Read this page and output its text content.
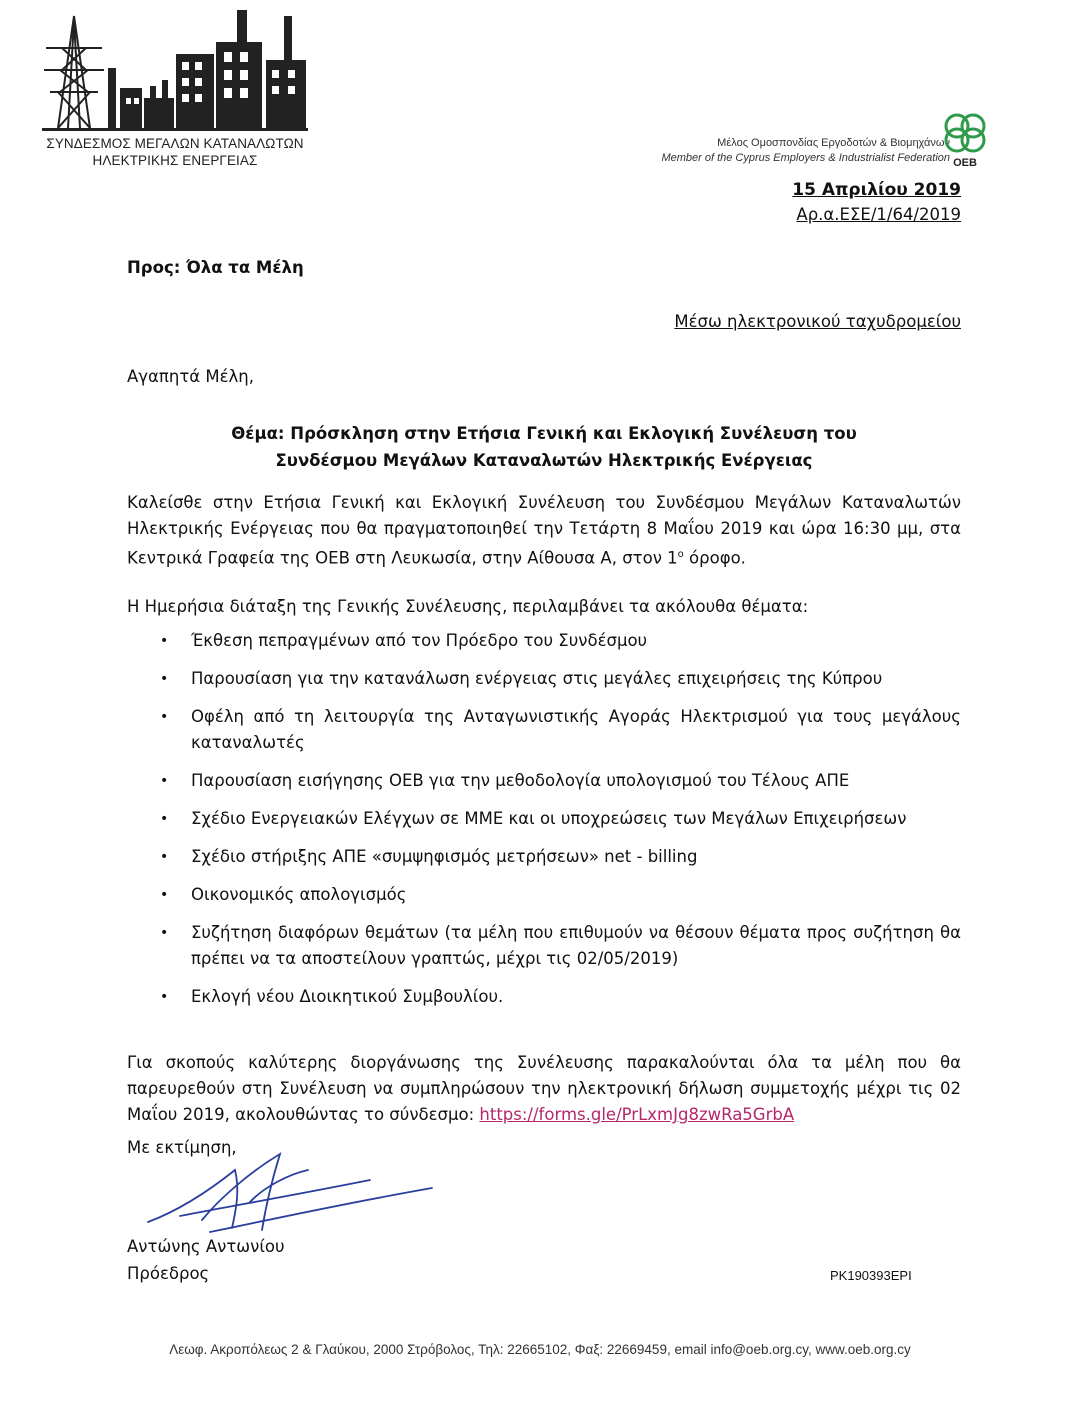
ΣΥΝΔΕΣΜΟΣ ΜΕΓΑΛΩΝ ΚΑΤΑΝΑΛΩΤΩΝ
ΗΛΕΚΤΡΙΚΗΣ ΕΝΕΡΓΕΙΑΣ
Μέλος Ομοσπονδίας Εργοδοτών & Βιομηχάνων
Member of the Cyprus Employers & Industrialist Federation OEB
15 Απριλίου 2019
Αρ.α.ΕΣΕ/1/64/2019
Προς: Όλα τα Μέλη
Μέσω ηλεκτρονικού ταχυδρομείου
Αγαπητά Μέλη,
Θέμα: Πρόσκληση στην Ετήσια Γενική και Εκλογική Συνέλευση του
Συνδέσμου Μεγάλων Καταναλωτών Ηλεκτρικής Ενέργειας
Καλείσθε στην Ετήσια Γενική και Εκλογική Συνέλευση του Συνδέσμου Μεγάλων Καταναλωτών Ηλεκτρικής Ενέργειας που θα πραγματοποιηθεί την Τετάρτη 8 Μαΐου 2019 και ώρα 16:30 μμ, στα Κεντρικά Γραφεία της ΟΕΒ στη Λευκωσία, στην Αίθουσα Α, στον $1^o$ όροφο.
Η Ημερήσια διάταξη της Γενικής Συνέλευσης, περιλαμβάνει τα ακόλουθα θέματα:
• Έκθεση πεπραγμένων από τον Πρόεδρο του Συνδέσμου
• Παρουσίαση για την κατανάλωση ενέργειας στις μεγάλες επιχειρήσεις της Κύπρου
• Οφέλη από τη λειτουργία της Ανταγωνιστικής Αγοράς Ηλεκτρισμού για τους μεγάλους καταναλωτές
• Παρουσίαση εισήγησης ΟΕΒ για την μεθοδολογία υπολογισμού του Τέλους ΑΠΕ
• Σχέδιο Ενεργειακών Ελέγχων σε ΜΜΕ και οι υποχρεώσεις των Μεγάλων Επιχειρήσεων
• Σχέδιο στήριξης ΑΠΕ «συμψηφισμός μετρήσεων» net - billing
• Οικονομικός απολογισμός
• Συζήτηση διαφόρων θεμάτων (τα μέλη που επιθυμούν να θέσουν θέματα προς συζήτηση θα πρέπει να τα αποστείλουν γραπτώς, μέχρι τις 02/05/2019)
• Εκλογή νέου Διοικητικού Συμβουλίου.
Για σκοπούς καλύτερης διοργάνωσης της Συνέλευσης παρακαλούνται όλα τα μέλη που θα παρευρεθούν στη Συνέλευση να συμπληρώσουν την ηλεκτρονική δήλωση συμμετοχής μέχρι τις 02 Μαΐου 2019, ακολουθώντας το σύνδεσμο: https://forms.gle/PrLxmJg8zwRa5GrbA
Με εκτίμηση,
Αντώνης Αντωνίου
Πρόεδρος	PK190393EPI
Λεωφ. Ακροπόλεως 2 & Γλαύκου, 2000 Στρόβολος, Τηλ: 22665102, Φαξ: 22669459, email info@oeb.org.cy, www.oeb.org.cy
